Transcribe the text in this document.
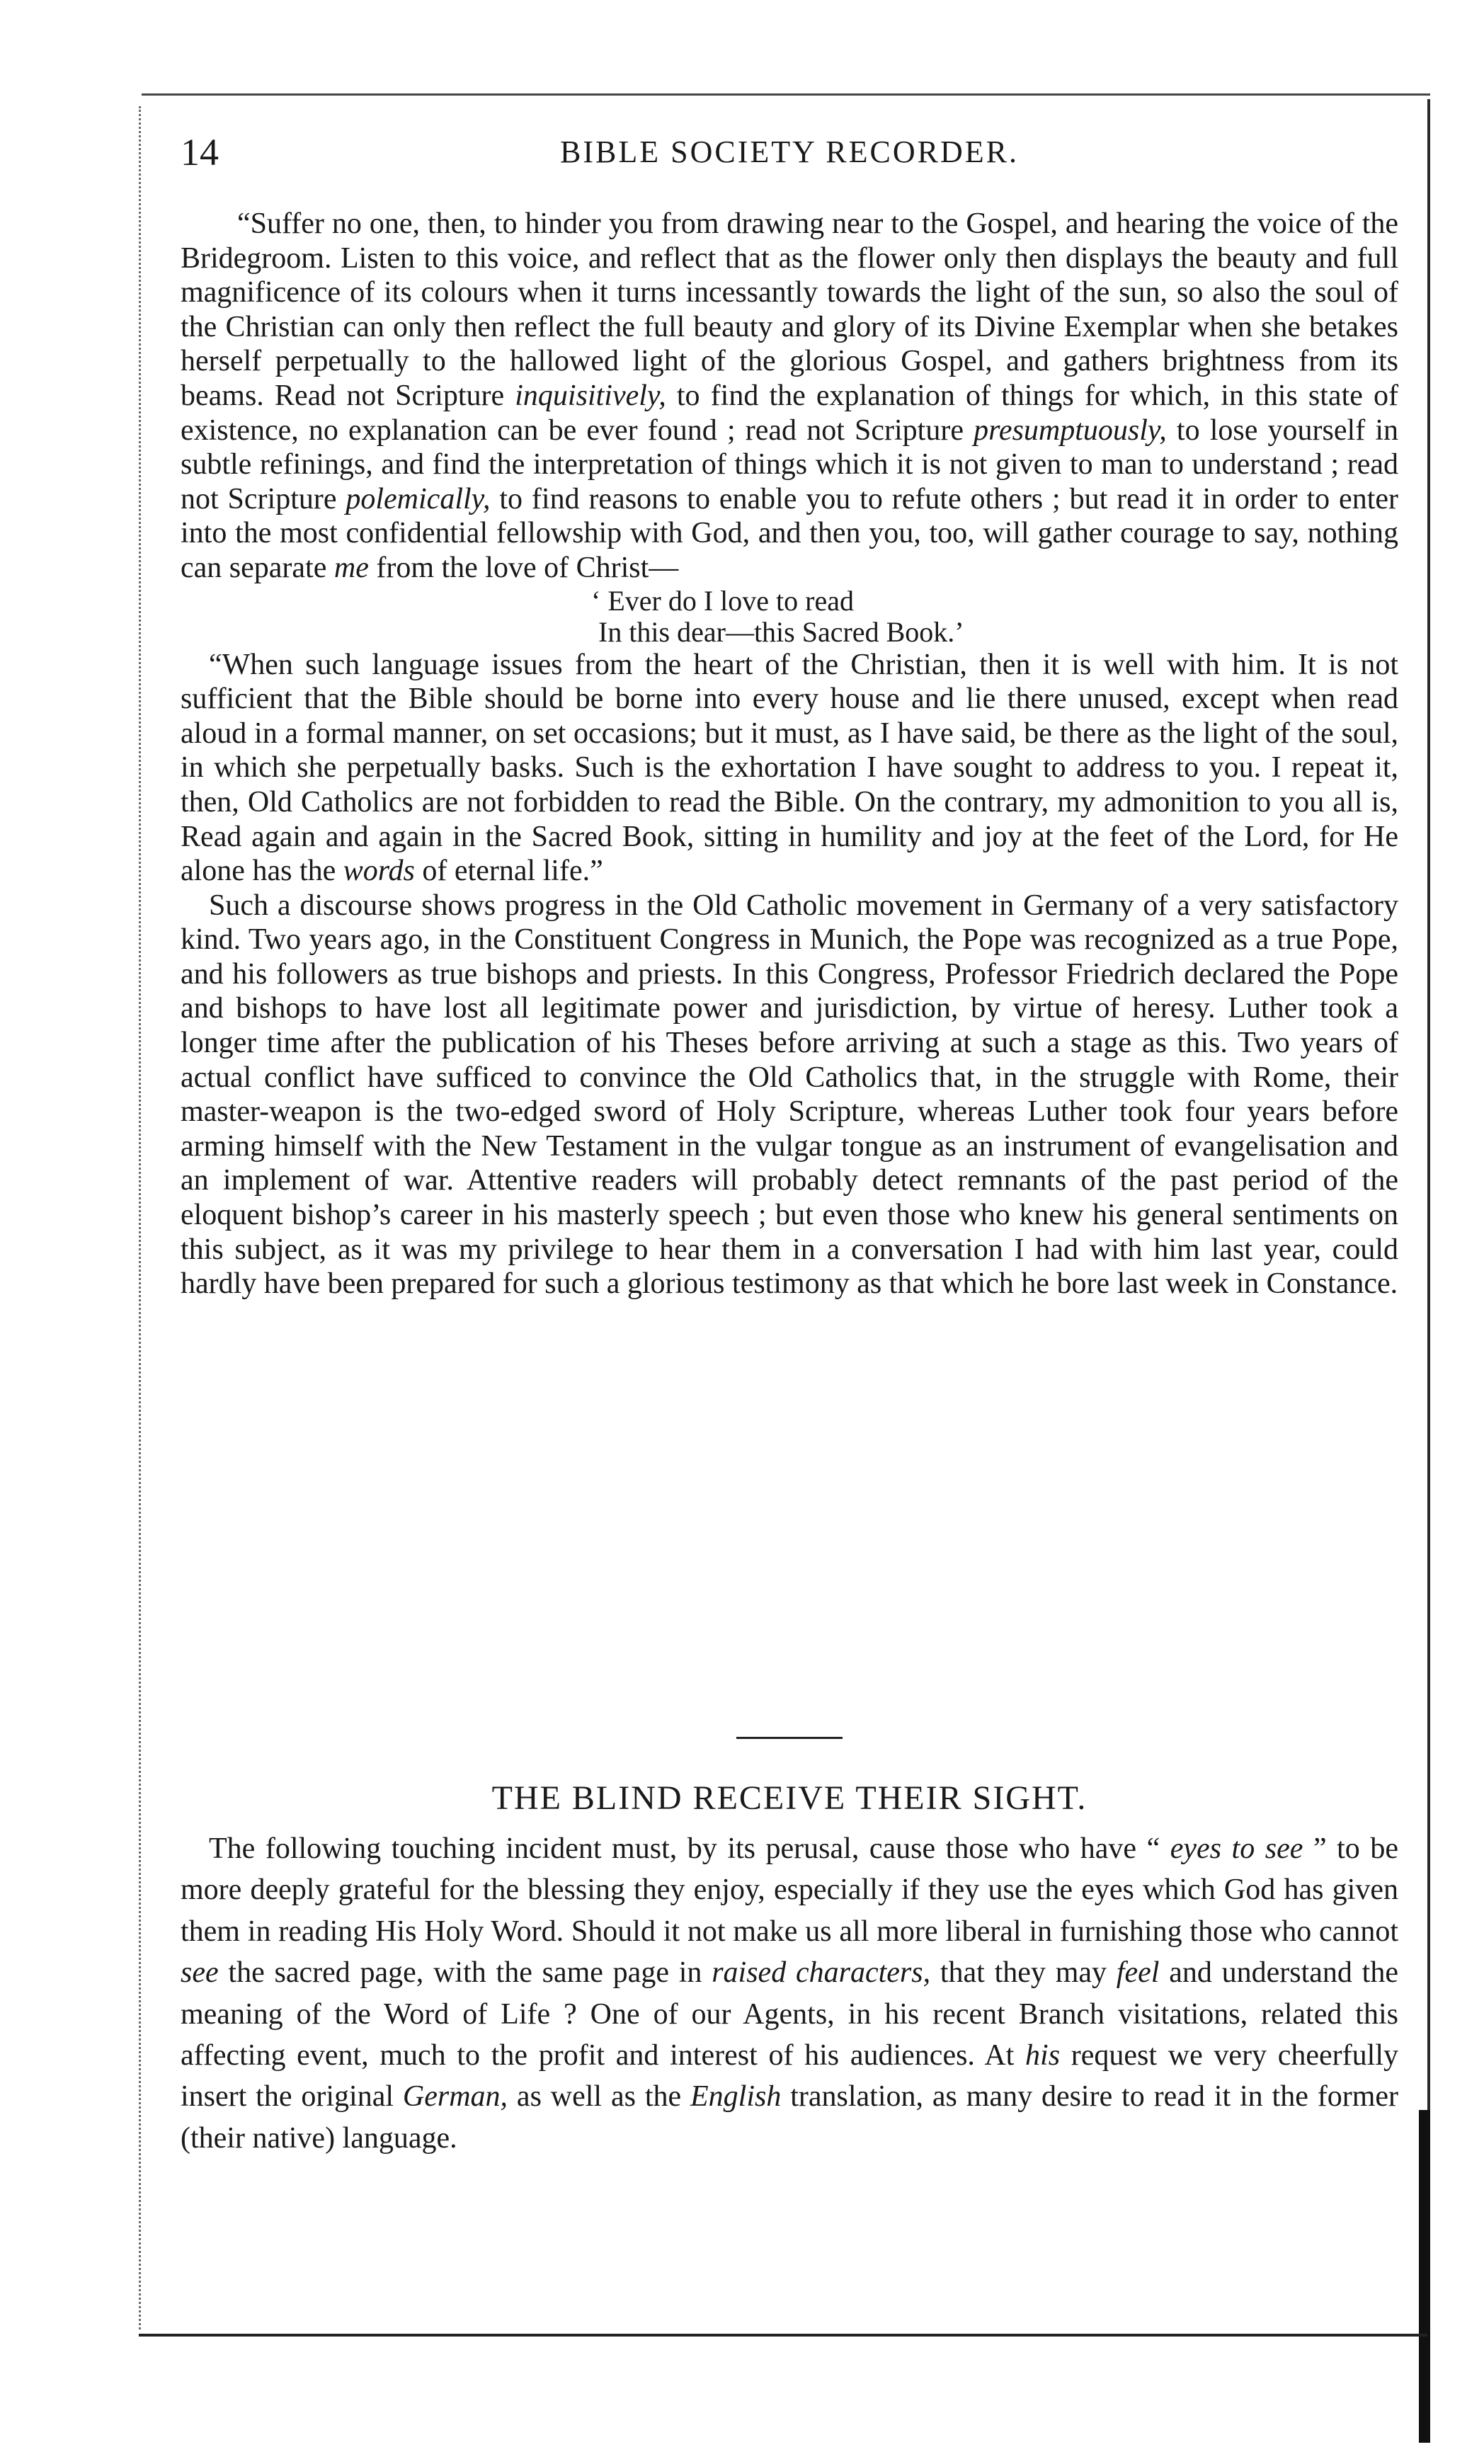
14	BIBLE SOCIETY RECORDER.

“Suffer no one, then, to hinder you from drawing near to the Gospel, and hearing the voice of the Bridegroom. Listen to this voice, and reflect that as the flower only then displays the beauty and full magnificence of its colours when it turns incessantly towards the light of the sun, so also the soul of the Christian can only then reflect the full beauty and glory of its Divine Exemplar when she betakes herself perpetually to the hallowed light of the glorious Gospel, and gathers brightness from its beams. Read not Scripture inquisitively, to find the explanation of things for which, in this state of existence, no explanation can be ever found ; read not Scripture presumptuously, to lose yourself in subtle refinings, and find the interpretation of things which it is not given to man to understand ; read not Scripture polemically, to find reasons to enable you to refute others ; but read it in order to enter into the most confidential fellowship with God, and then you, too, will gather courage to say, nothing can separate me from the love of Christ—

‘ Ever do I love to read
In this dear—this Sacred Book.’

“When such language issues from the heart of the Christian, then it is well with him. It is not sufficient that the Bible should be borne into every house and lie there unused, except when read aloud in a formal manner, on set occasions; but it must, as I have said, be there as the light of the soul, in which she perpetually basks. Such is the exhortation I have sought to address to you. I repeat it, then, Old Catholics are not forbidden to read the Bible. On the contrary, my admonition to you all is, Read again and again in the Sacred Book, sitting in humility and joy at the feet of the Lord, for He alone has the words of eternal life.”

Such a discourse shows progress in the Old Catholic movement in Germany of a very satisfactory kind. Two years ago, in the Constituent Congress in Munich, the Pope was recognized as a true Pope, and his followers as true bishops and priests. In this Congress, Professor Friedrich declared the Pope and bishops to have lost all legitimate power and jurisdiction, by virtue of heresy. Luther took a longer time after the publication of his Theses before arriving at such a stage as this. Two years of actual conflict have sufficed to convince the Old Catholics that, in the struggle with Rome, their master-weapon is the two-edged sword of Holy Scripture, whereas Luther took four years before arming himself with the New Testament in the vulgar tongue as an instrument of evangelisation and an implement of war. Attentive readers will probably detect remnants of the past period of the eloquent bishop’s career in his masterly speech ; but even those who knew his general sentiments on this subject, as it was my privilege to hear them in a conversation I had with him last year, could hardly have been prepared for such a glorious testimony as that which he bore last week in Constance.

THE BLIND RECEIVE THEIR SIGHT.

The following touching incident must, by its perusal, cause those who have “ eyes to see ” to be more deeply grateful for the blessing they enjoy, especially if they use the eyes which God has given them in reading His Holy Word. Should it not make us all more liberal in furnishing those who cannot see the sacred page, with the same page in raised characters, that they may feel and understand the meaning of the Word of Life ? One of our Agents, in his recent Branch visitations, related this affecting event, much to the profit and interest of his audiences. At his request we very cheerfully insert the original German, as well as the English translation, as many desire to read it in the former (their native) language.
